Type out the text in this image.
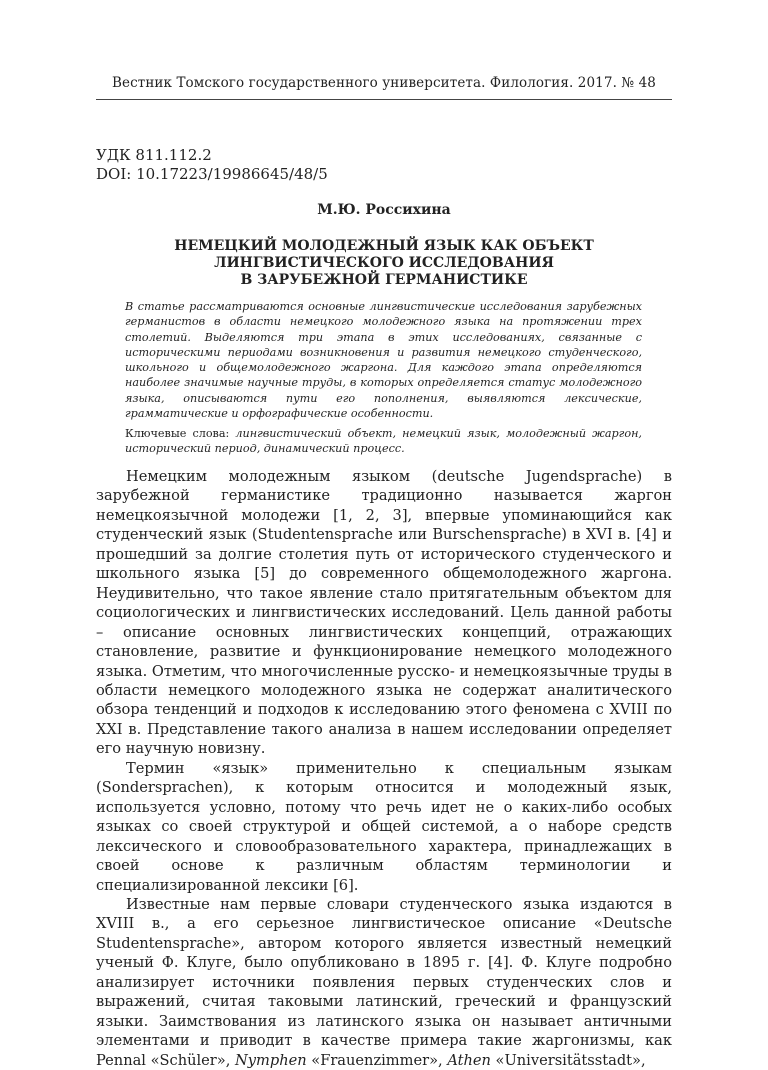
Вестник Томского государственного университета. Филология. 2017. № 48
УДК 811.112.2
DOI: 10.17223/19986645/48/5
М.Ю. Россихина
НЕМЕЦКИЙ МОЛОДЕЖНЫЙ ЯЗЫК КАК ОБЪЕКТ
ЛИНГВИСТИЧЕСКОГО ИССЛЕДОВАНИЯ
В ЗАРУБЕЖНОЙ ГЕРМАНИСТИКЕ
В статье рассматриваются основные лингвистические исследования зарубежных германистов в области немецкого молодежного языка на протяжении трех столетий. Выделяются три этапа в этих исследованиях, связанные с историческими периодами возникновения и развития немецкого студенческого, школьного и общемолодежного жаргона. Для каждого этапа определяются наиболее значимые научные труды, в которых определяется статус молодежного языка, описываются пути его пополнения, выявляются лексические, грамматические и орфографические особенности.
Ключевые слова: лингвистический объект, немецкий язык, молодежный жаргон, исторический период, динамический процесс.

Немецким молодежным языком (deutsche Jugendsprache) в зарубежной германистике традиционно называется жаргон немецкоязычной молодежи [1, 2, 3], впервые упоминающийся как студенческий язык (Studentensprache или Burschensprache) в XVI в. [4] и прошедший за долгие столетия путь от исторического студенческого и школьного языка [5] до современного общемолодежного жаргона. Неудивительно, что такое явление стало притягательным объектом для социологических и лингвистических исследований. Цель данной работы – описание основных лингвистических концепций, отражающих становление, развитие и функционирование немецкого молодежного языка. Отметим, что многочисленные русско- и немецкоязычные труды в области немецкого молодежного языка не содержат аналитического обзора тенденций и подходов к исследованию этого феномена с XVIII по XXI в. Представление такого анализа в нашем исследовании определяет его научную новизну.

Термин «язык» применительно к специальным языкам (Sondersprachen), к которым относится и молодежный язык, используется условно, потому что речь идет не о каких-либо особых языках со своей структурой и общей системой, а о наборе средств лексического и словообразовательного характера, принадлежащих в своей основе к различным областям терминологии и специализированной лексики [6].

Известные нам первые словари студенческого языка издаются в XVIII в., а его серьезное лингвистическое описание «Deutsche Studentensprache», автором которого является известный немецкий ученый Ф. Клуге, было опубликовано в 1895 г. [4]. Ф. Клуге подробно анализирует источники появления первых студенческих слов и выражений, считая таковыми латинский, греческий и французский языки. Заимствования из латинского языка он называет античными элементами и приводит в качестве примера такие жаргонизмы, как Pennal «Schüler», Nymphen «Frauenzimmer», Athen «Universitätsstadt»,
